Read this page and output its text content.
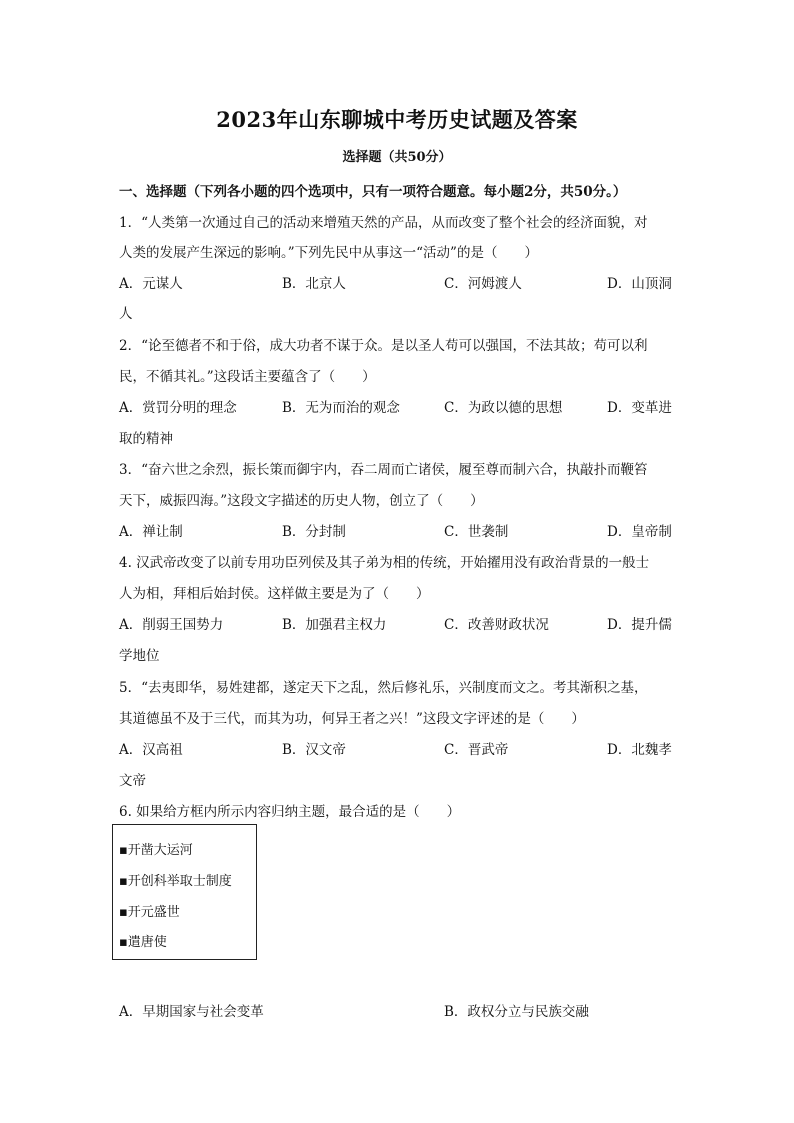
2023年山东聊城中考历史试题及答案
选择题（共50分）
一、选择题（下列各小题的四个选项中，只有一项符合题意。每小题2分，共50分。）
1．“人类第一次通过自己的活动来增殖天然的产品，从而改变了整个社会的经济面貌，对
人类的发展产生深远的影响。”下列先民中从事这一“活动”的是（　　）
A．元谋人	B．北京人	C．河姆渡人	D．山顶洞
人
2．“论至德者不和于俗，成大功者不谋于众。是以圣人苟可以强国，不法其故；苟可以利
民，不循其礼。”这段话主要蕴含了（　　）
A．赏罚分明的理念	B．无为而治的观念	C．为政以德的思想	D．变革进
取的精神
3．“奋六世之余烈，振长策而御宇内，吞二周而亡诸侯，履至尊而制六合，执敲扑而鞭笞
天下，威振四海。”这段文字描述的历史人物，创立了（　　）
A．禅让制	B．分封制	C．世袭制	D．皇帝制
4. 汉武帝改变了以前专用功臣列侯及其子弟为相的传统，开始擢用没有政治背景的一般士
人为相，拜相后始封侯。这样做主要是为了（　　）
A．削弱王国势力	B．加强君主权力	C．改善财政状况	D．提升儒
学地位
5．“去夷即华，易姓建都，遂定天下之乱，然后修礼乐，兴制度而文之。考其渐积之基，
其道德虽不及于三代，而其为功，何异王者之兴！”这段文字评述的是（　　）
A．汉高祖	B．汉文帝	C．晋武帝	D．北魏孝
文帝
6. 如果给方框内所示内容归纳主题，最合适的是（　　）
▪开凿大运河
▪开创科举取士制度
▪开元盛世
▪遣唐使
A．早期国家与社会变革	B．政权分立与民族交融
